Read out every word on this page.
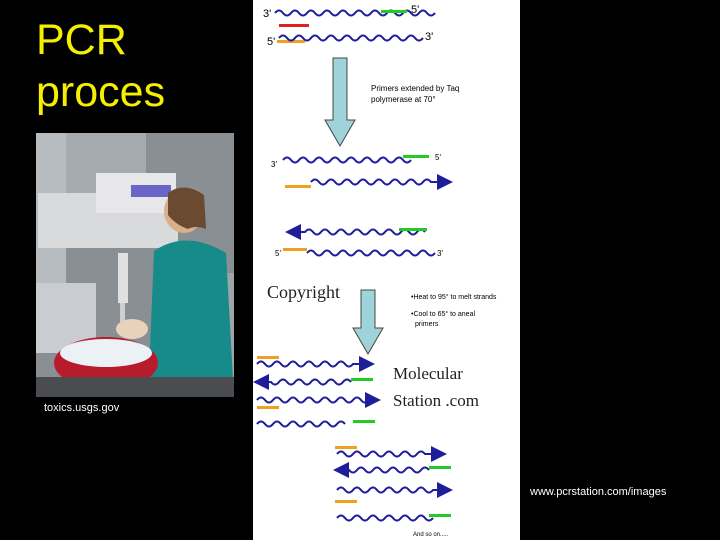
PCR
proces
toxics.usgs.gov
3'	5'
5'	3'
Primers extended by Taq
polymerase at 70°
3'
5'
5'	3'
Copyright	•Heat to 95° to melt strands
•Cool to 65° to aneal
primers
Molecular
Station .com
And so on.....
www.pcrstation.com/images
